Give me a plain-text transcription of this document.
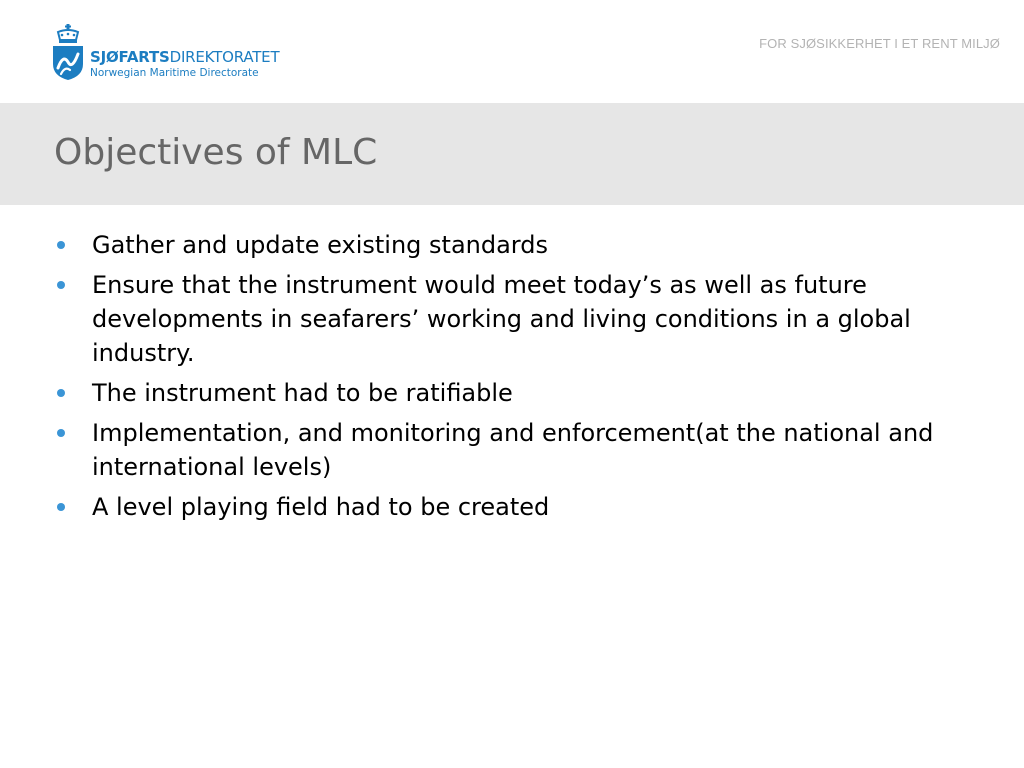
SJØFARTSDIREKTORATET
Norwegian Maritime Directorate
FOR SJØSIKKERHET I ET RENT MILJØ
Objectives of MLC
Gather and update existing standards
Ensure that the instrument would meet today’s as well as future developments in seafarers’ working and living conditions in a global industry.
The instrument had to be ratifiable
Implementation, and monitoring and enforcement(at the national and international levels)
A level playing field had to be created
